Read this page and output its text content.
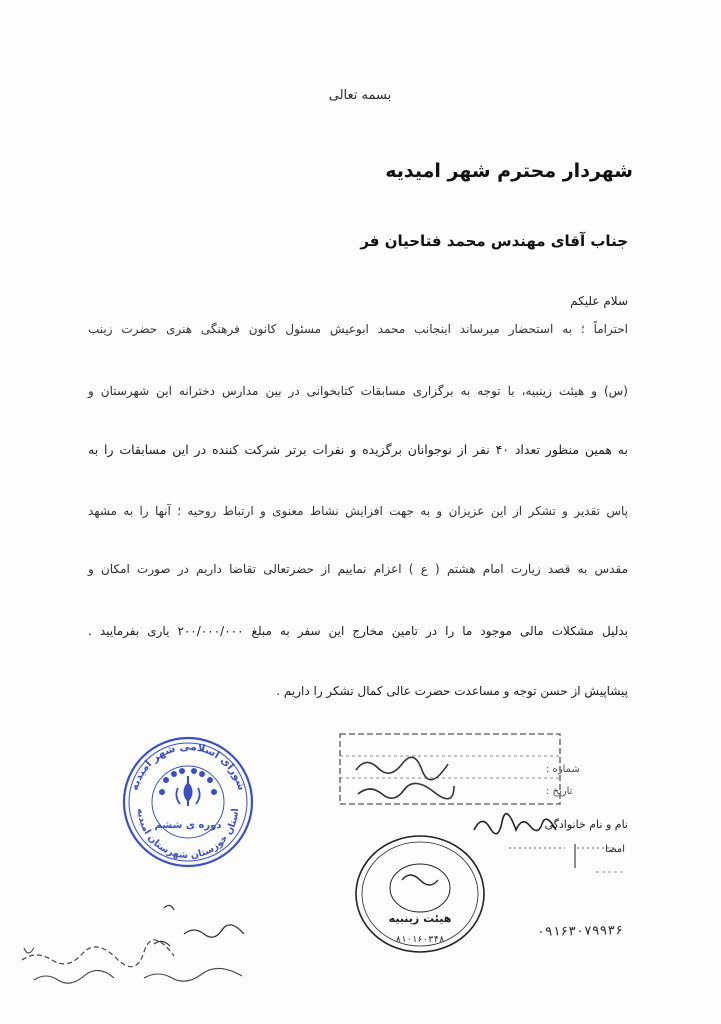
بسمه تعالی
شهردار محترم شهر امیدیه
جناب آقای مهندس محمد فتاحیان فر
سلام علیکم
احتراماً ؛ به استحضار میرساند اینجانب محمد ابوعیش مسئول کانون فرهنگی هنری حضرت زینب
(س) و هیئت زینبیه، با توجه به برگزاری مسابقات کتابخوانی در بین مدارس دخترانه این شهرستان و
به همین منظور تعداد ۴۰ نفر از نوجوانان برگزیده و نفرات برتر شرکت کننده در این مسابقات را به
پاس تقدیر و تشکر از این عزیزان و به جهت افزایش نشاط معنوی و ارتباط روحیه ؛ آنها را به مشهد
مقدس به قصد زیارت امام هشتم ( ع ) اعزام نماییم از حضرتعالی تقاضا داریم در صورت امکان و
بدلیل مشکلات مالی موجود ما را در تامین مخارج این سفر به مبلغ ۲۰۰/۰۰۰/۰۰۰ یاری بفرمایید .
پیشاپیش از حسن توجه و مساعدت حضرت عالی کمال تشکر را داریم .
شماره :
تاریخ :
شورای اسلامی شهر امیدیه
استان خوزستان شهرستان امیدیه
دوره ی ششم
هیئت زینبیه
۸۱۰۱۶۰۳۴۸
نام و نام خانوادگی
امضا
۰۹۱۶۳۰۷۹۹۳۶
